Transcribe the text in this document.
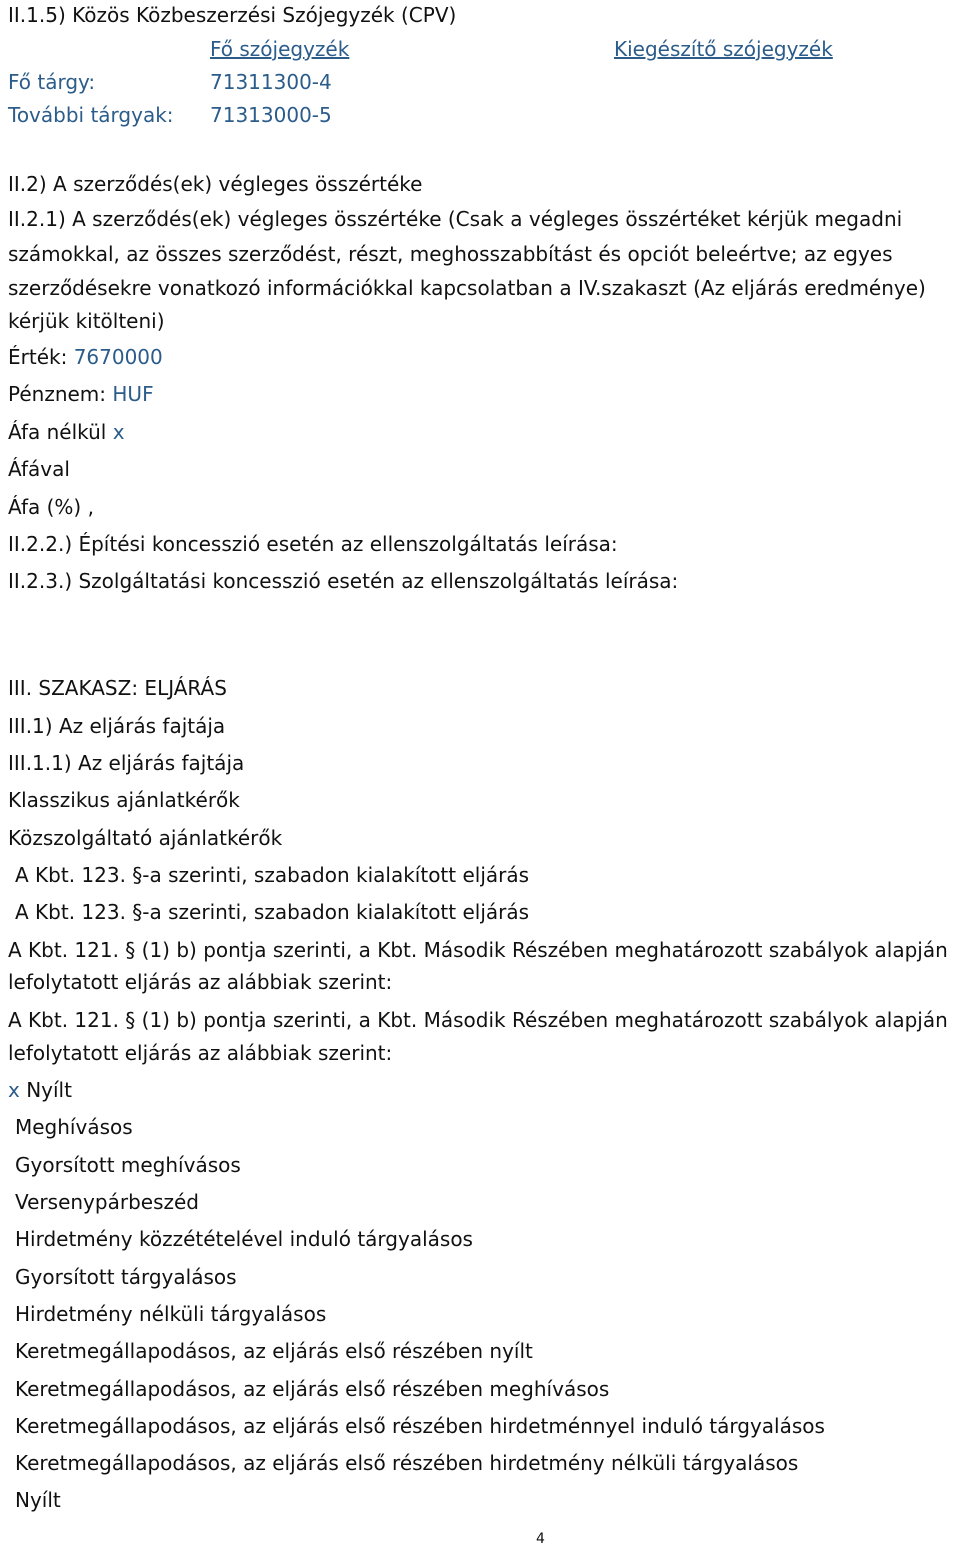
II.1.5) Közös Közbeszerzési Szójegyzék (CPV)
Fő szójegyzék	Kiegészítő szójegyzék
Fő tárgy:	71311300-4
További tárgyak: 71313000-5
II.2) A szerződés(ek) végleges összértéke
II.2.1) A szerződés(ek) végleges összértéke (Csak a végleges összértéket kérjük megadni
számokkal, az összes szerződést, részt, meghosszabbítást és opciót beleértve; az egyes
szerződésekre vonatkozó információkkal kapcsolatban a IV.szakaszt (Az eljárás eredménye)
kérjük kitölteni)
Érték: 7670000
Pénznem: HUF
Áfa nélkül x
Áfával
Áfa (%) ,
II.2.2.) Építési koncesszió esetén az ellenszolgáltatás leírása:
II.2.3.) Szolgáltatási koncesszió esetén az ellenszolgáltatás leírása:
III. SZAKASZ: ELJÁRÁS
III.1) Az eljárás fajtája
III.1.1) Az eljárás fajtája
Klasszikus ajánlatkérők
Közszolgáltató ajánlatkérők
A Kbt. 123. §-a szerinti, szabadon kialakított eljárás
A Kbt. 123. §-a szerinti, szabadon kialakított eljárás
A Kbt. 121. § (1) b) pontja szerinti, a Kbt. Második Részében meghatározott szabályok alapján
lefolytatott eljárás az alábbiak szerint:
A Kbt. 121. § (1) b) pontja szerinti, a Kbt. Második Részében meghatározott szabályok alapján
lefolytatott eljárás az alábbiak szerint:
x Nyílt
Meghívásos
Gyorsított meghívásos
Versenypárbeszéd
Hirdetmény közzétételével induló tárgyalásos
Gyorsított tárgyalásos
Hirdetmény nélküli tárgyalásos
Keretmegállapodásos, az eljárás első részében nyílt
Keretmegállapodásos, az eljárás első részében meghívásos
Keretmegállapodásos, az eljárás első részében hirdetménnyel induló tárgyalásos
Keretmegállapodásos, az eljárás első részében hirdetmény nélküli tárgyalásos
Nyílt
4
